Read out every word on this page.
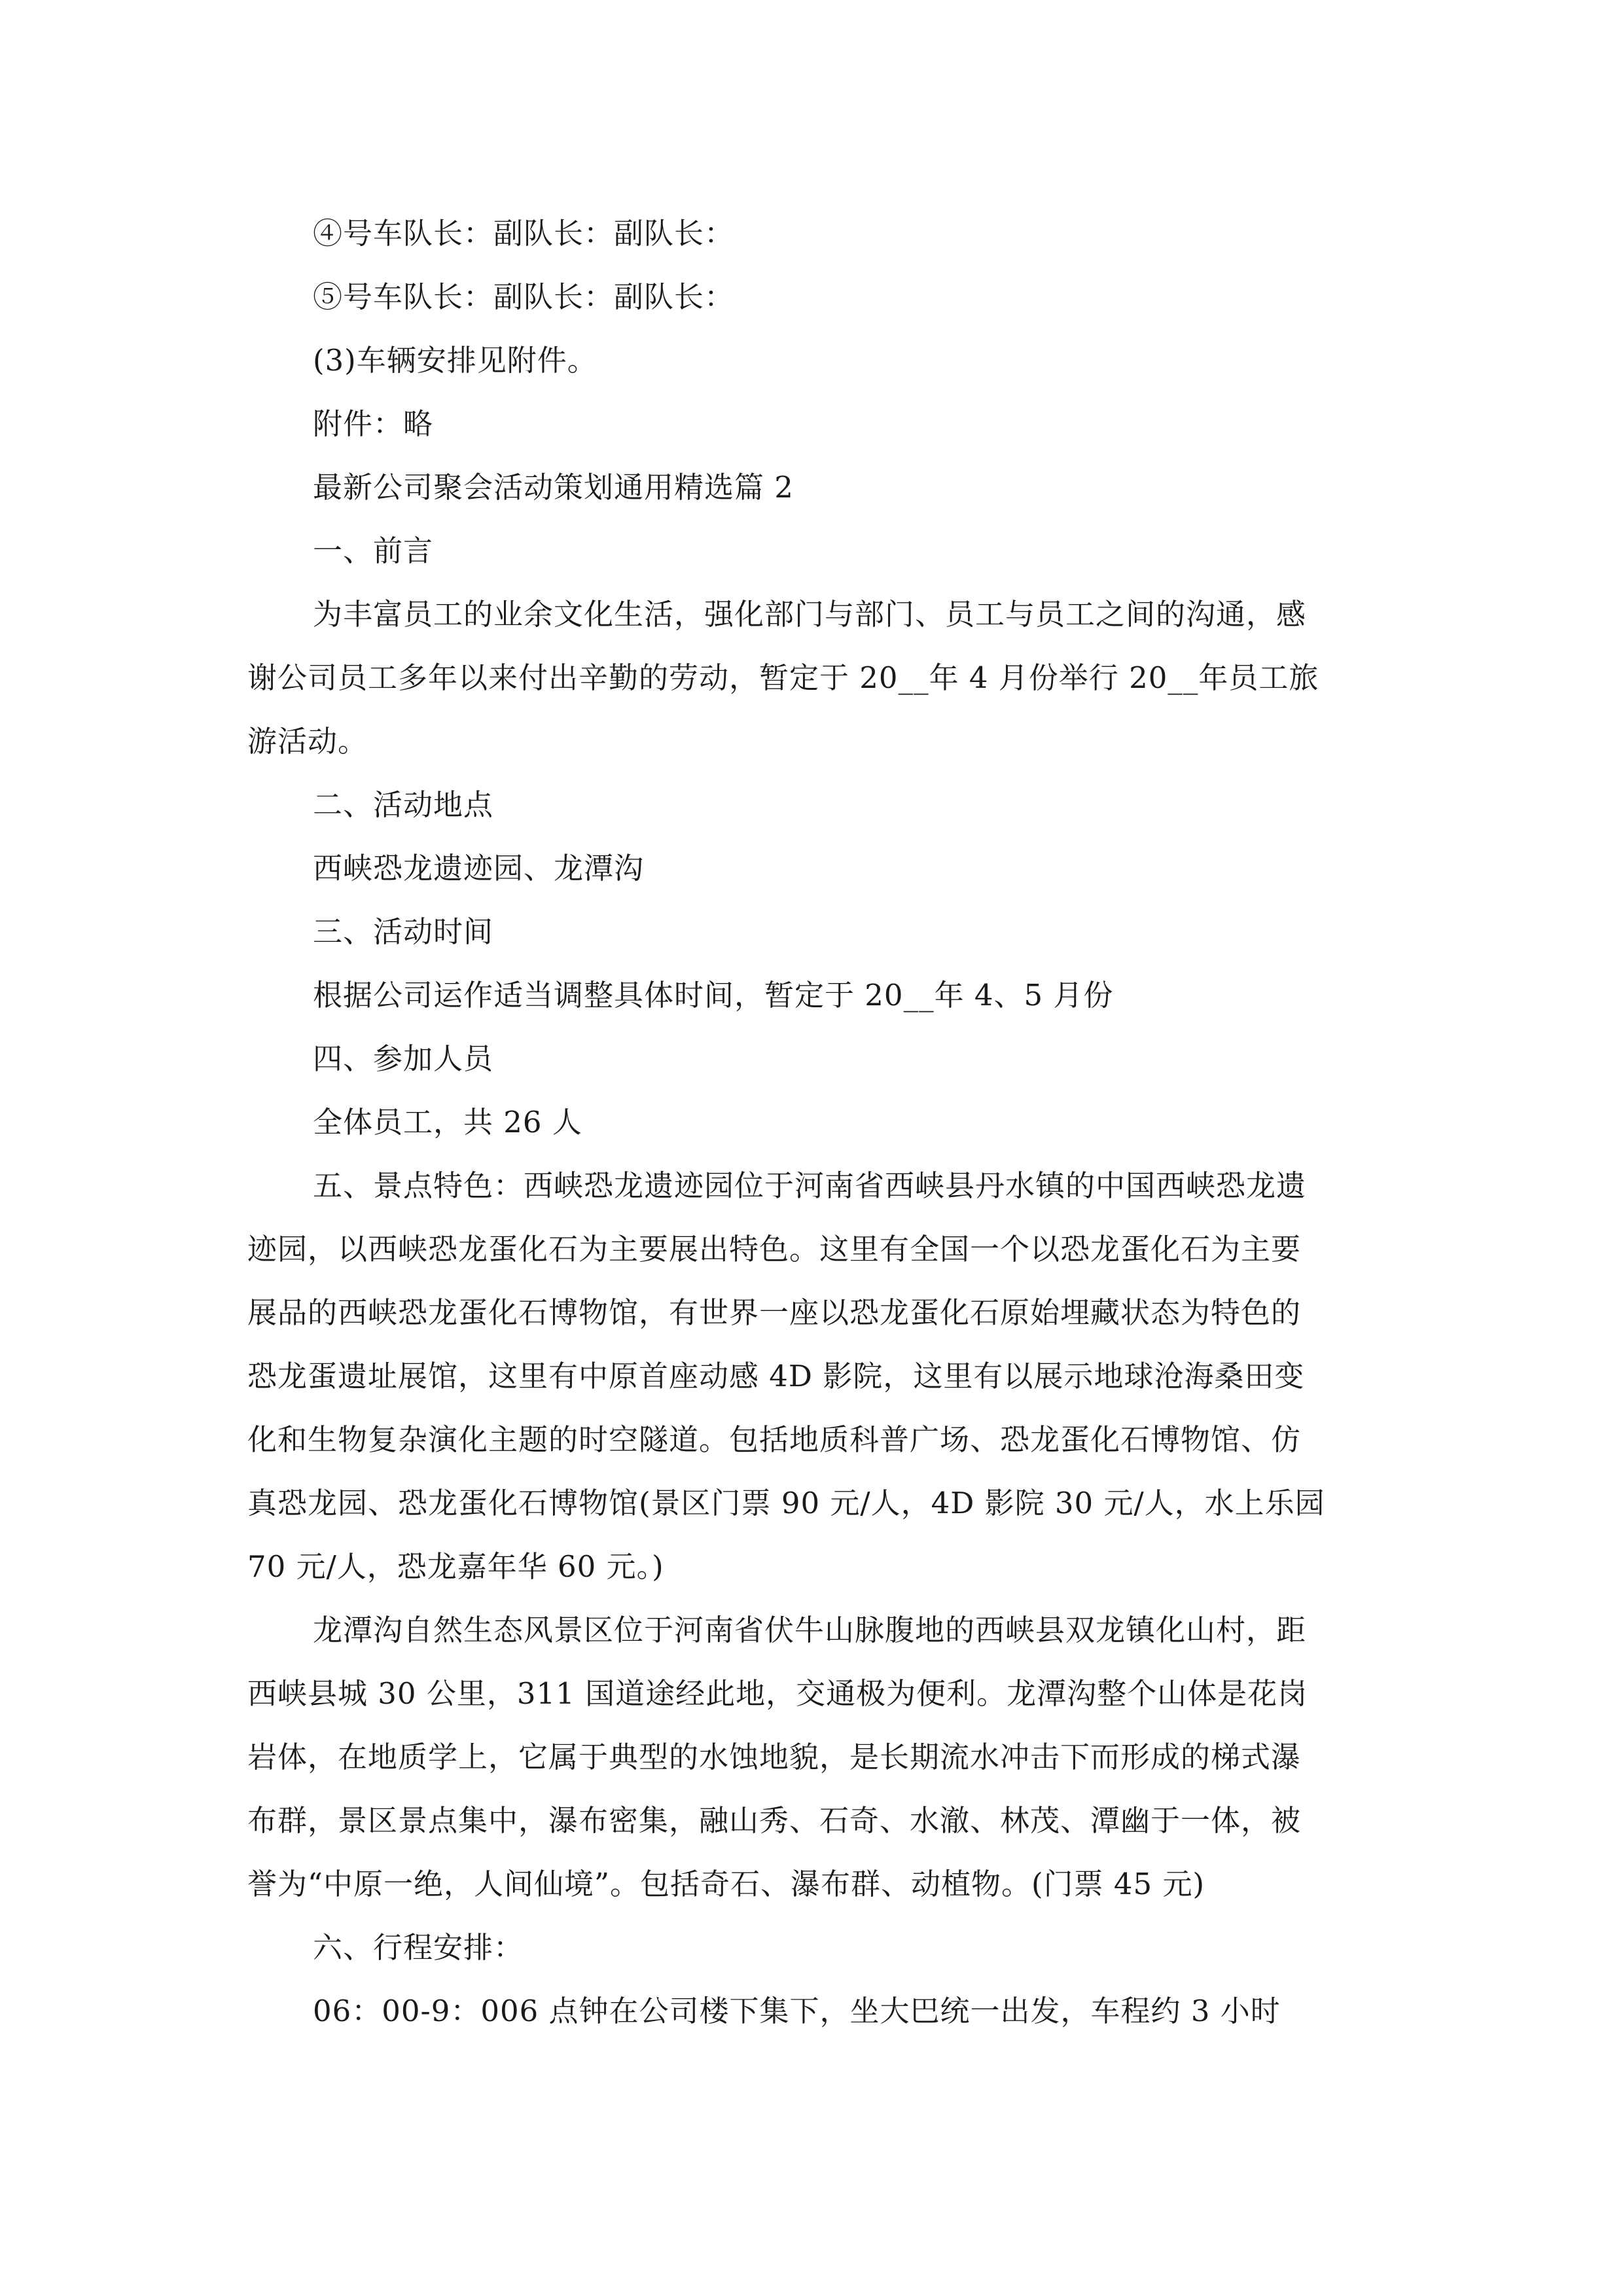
④号车队长：副队长：副队长：
⑤号车队长：副队长：副队长：
(3)车辆安排见附件。
附件：略
最新公司聚会活动策划通用精选篇 2
一、前言
为丰富员工的业余文化生活，强化部门与部门、员工与员工之间的沟通，感
谢公司员工多年以来付出辛勤的劳动，暂定于 20__年 4 月份举行 20__年员工旅
游活动。
二、活动地点
西峡恐龙遗迹园、龙潭沟
三、活动时间
根据公司运作适当调整具体时间，暂定于 20__年 4、5 月份
四、参加人员
全体员工，共 26 人
五、景点特色：西峡恐龙遗迹园位于河南省西峡县丹水镇的中国西峡恐龙遗
迹园，以西峡恐龙蛋化石为主要展出特色。这里有全国一个以恐龙蛋化石为主要
展品的西峡恐龙蛋化石博物馆，有世界一座以恐龙蛋化石原始埋藏状态为特色的
恐龙蛋遗址展馆，这里有中原首座动感 4D 影院，这里有以展示地球沧海桑田变
化和生物复杂演化主题的时空隧道。包括地质科普广场、恐龙蛋化石博物馆、仿
真恐龙园、恐龙蛋化石博物馆(景区门票 90 元/人，4D 影院 30 元/人，水上乐园
70 元/人，恐龙嘉年华 60 元。)
龙潭沟自然生态风景区位于河南省伏牛山脉腹地的西峡县双龙镇化山村，距
西峡县城 30 公里，311 国道途经此地，交通极为便利。龙潭沟整个山体是花岗
岩体，在地质学上，它属于典型的水蚀地貌，是长期流水冲击下而形成的梯式瀑
布群，景区景点集中，瀑布密集，融山秀、石奇、水澈、林茂、潭幽于一体，被
誉为“中原一绝，人间仙境”。包括奇石、瀑布群、动植物。(门票 45 元)
六、行程安排：
06：00-9：006 点钟在公司楼下集下，坐大巴统一出发，车程约 3 小时
